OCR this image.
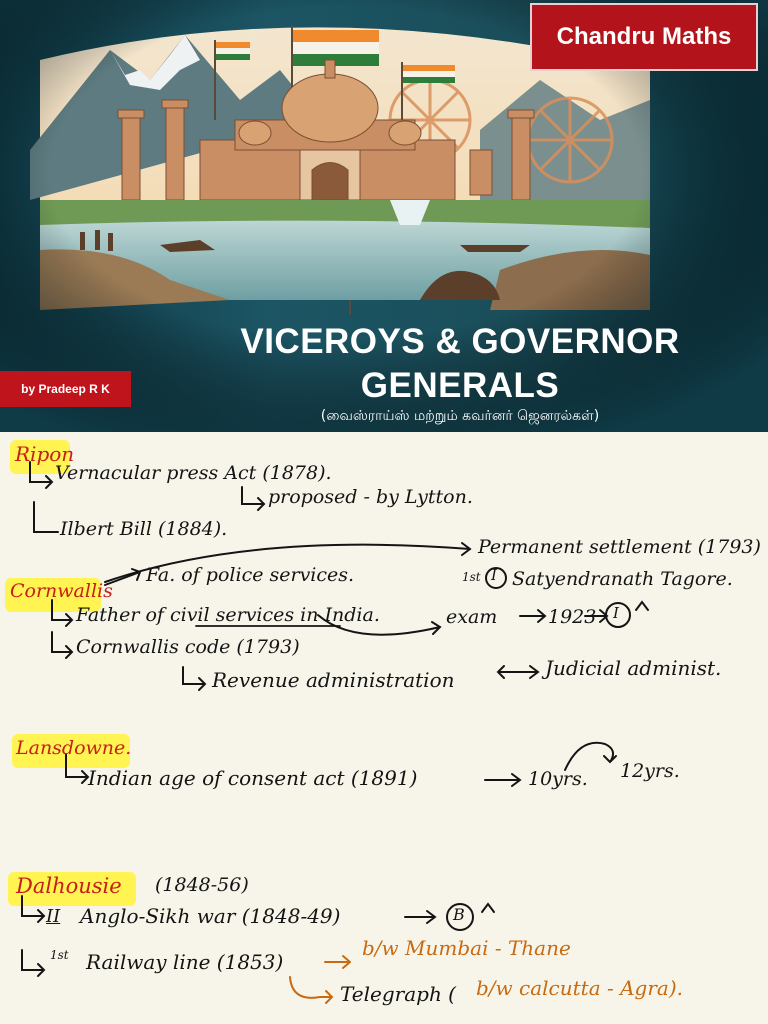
Chandru Maths
by Pradeep R K
VICEROYS & GOVERNOR
GENERALS
(வைஸ்ராய்ஸ் மற்றும் கவர்னர் ஜெனரல்கள்)
Ripon
Vernacular press Act (1878).
proposed - by Lytton.
Ilbert Bill (1884).
Permanent settlement (1793)
Cornwallis
Fa. of police services.	1st I Satyendranath Tagore.
Father of civil services in India.	exam	1923 I
Cornwallis code (1793)
Revenue administration	Judicial administ.
Lansdowne.
Indian age of consent act (1891)	10yrs. 12yrs.
Dalhousie (1848-56)
II Anglo-Sikh war (1848-49)	B
1st Railway line (1853)
b/w Mumbai - Thane
Telegraph ( b/w calcutta - Agra).
